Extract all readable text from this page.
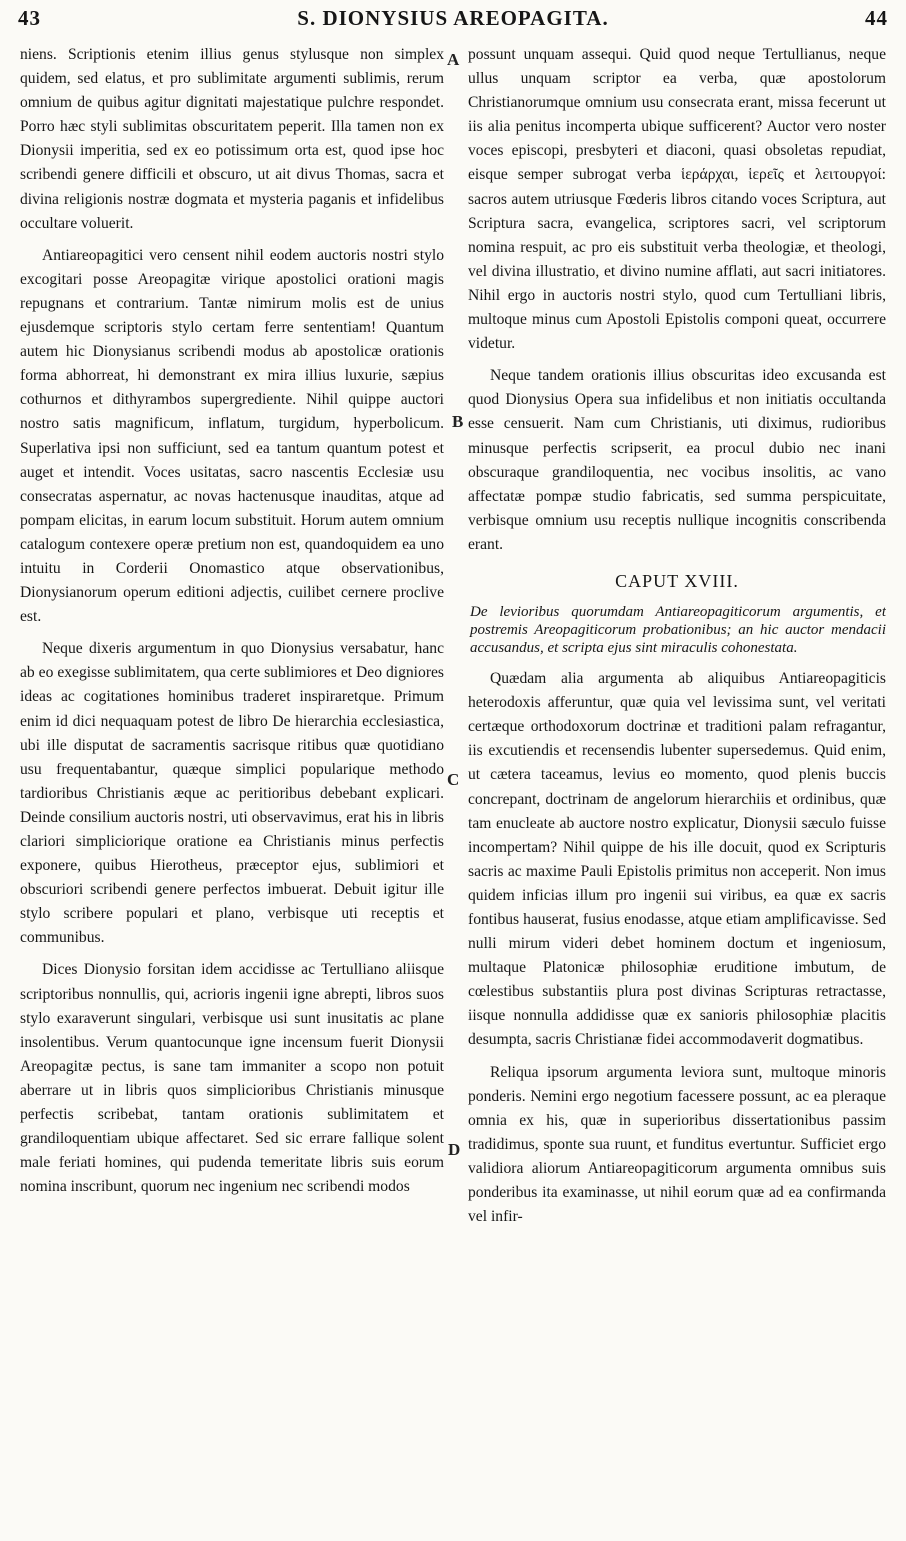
43	S. DIONYSIUS AREOPAGITA.	44
A
B
C
D

niens. Scriptionis etenim illius genus stylusque non simplex quidem, sed elatus, et pro sublimitate argumenti sublimis, rerum omnium de quibus agitur dignitati majestatique pulchre respondet. Porro hæc styli sublimitas obscuritatem peperit. Illa tamen non ex Dionysii imperitia, sed ex eo potissimum orta est, quod ipse hoc scribendi genere difficili et obscuro, ut ait divus Thomas, sacra et divina religionis nostræ dogmata et mysteria paganis et infidelibus occultare voluerit.

Antiareopagitici vero censent nihil eodem auctoris nostri stylo excogitari posse Areopagitæ virique apostolici orationi magis repugnans et contrarium. Tantæ nimirum molis est de unius ejusdemque scriptoris stylo certam ferre sententiam! Quantum autem hic Dionysianus scribendi modus ab apostolicæ orationis forma abhorreat, hi demonstrant ex mira illius luxurie, sæpius cothurnos et dithyrambos supergrediente. Nihil quippe auctori nostro satis magnificum, inflatum, turgidum, hyperbolicum. Superlativa ipsi non sufficiunt, sed ea tantum quantum potest et auget et intendit. Voces usitatas, sacro nascentis Ecclesiæ usu consecratas aspernatur, ac novas hactenusque inauditas, atque ad pompam elicitas, in earum locum substituit. Horum autem omnium catalogum contexere operæ pretium non est, quandoquidem ea uno intuitu in Corderii Onomastico atque observationibus, Dionysianorum operum editioni adjectis, cuilibet cernere proclive est.

Neque dixeris argumentum in quo Dionysius versabatur, hanc ab eo exegisse sublimitatem, qua certe sublimiores et Deo digniores ideas ac cogitationes hominibus traderet inspiraretque. Primum enim id dici nequaquam potest de libro De hierarchia ecclesiastica, ubi ille disputat de sacramentis sacrisque ritibus quæ quotidiano usu frequentabantur, quæque simplici popularique methodo tardioribus Christianis æque ac peritioribus debebant explicari. Deinde consilium auctoris nostri, uti observavimus, erat his in libris clariori simpliciorique oratione ea Christianis minus perfectis exponere, quibus Hierotheus, præceptor ejus, sublimiori et obscuriori scribendi genere perfectos imbuerat. Debuit igitur ille stylo scribere populari et plano, verbisque uti receptis et communibus.

Dices Dionysio forsitan idem accidisse ac Tertulliano aliisque scriptoribus nonnullis, qui, acrioris ingenii igne abrepti, libros suos stylo exaraverunt singulari, verbisque usi sunt inusitatis ac plane insolentibus. Verum quantocunque igne incensum fuerit Dionysii Areopagitæ pectus, is sane tam immaniter a scopo non potuit aberrare ut in libris quos simplicioribus Christianis minusque perfectis scribebat, tantam orationis sublimitatem et grandiloquentiam ubique affectaret. Sed sic errare fallique solent male feriati homines, qui pudenda temeritate libris suis eorum nomina inscribunt, quorum nec ingenium nec scribendi modos

possunt unquam assequi. Quid quod neque Tertullianus, neque ullus unquam scriptor ea verba, quæ apostolorum Christianorumque omnium usu consecrata erant, missa fecerunt ut iis alia penitus incomperta ubique sufficerent? Auctor vero noster voces episcopi, presbyteri et diaconi, quasi obsoletas repudiat, eisque semper subrogat verba ἱεράρχαι, ἱερεῖς et λειτουργοί: sacros autem utriusque Fœderis libros citando voces Scriptura, aut Scriptura sacra, evangelica, scriptores sacri, vel scriptorum nomina respuit, ac pro eis substituit verba theologiæ, et theologi, vel divina illustratio, et divino numine afflati, aut sacri initiatores. Nihil ergo in auctoris nostri stylo, quod cum Tertulliani libris, multoque minus cum Apostoli Epistolis componi queat, occurrere videtur.

Neque tandem orationis illius obscuritas ideo excusanda est quod Dionysius Opera sua infidelibus et non initiatis occultanda esse censuerit. Nam cum Christianis, uti diximus, rudioribus minusque perfectis scripserit, ea procul dubio nec inani obscuraque grandiloquentia, nec vocibus insolitis, ac vano affectatæ pompæ studio fabricatis, sed summa perspicuitate, verbisque omnium usu receptis nullique incognitis conscribenda erant.

CAPUT XVIII.
De levioribus quorumdam Antiareopagiticorum argumentis, et postremis Areopagiticorum probationibus; an hic auctor mendacii accusandus, et scripta ejus sint miraculis cohonestata.

Quædam alia argumenta ab aliquibus Antiareopagiticis heterodoxis afferuntur, quæ quia vel levissima sunt, vel veritati certæque orthodoxorum doctrinæ et traditioni palam refragantur, iis excutiendis et recensendis lubenter supersedemus. Quid enim, ut cætera taceamus, levius eo momento, quod plenis buccis concrepant, doctrinam de angelorum hierarchiis et ordinibus, quæ tam enucleate ab auctore nostro explicatur, Dionysii sæculo fuisse incompertam? Nihil quippe de his ille docuit, quod ex Scripturis sacris ac maxime Pauli Epistolis primitus non acceperit. Non imus quidem inficias illum pro ingenii sui viribus, ea quæ ex sacris fontibus hauserat, fusius enodasse, atque etiam amplificavisse. Sed nulli mirum videri debet hominem doctum et ingeniosum, multaque Platonicæ philosophiæ eruditione imbutum, de cœlestibus substantiis plura post divinas Scripturas retractasse, iisque nonnulla addidisse quæ ex sanioris philosophiæ placitis desumpta, sacris Christianæ fidei accommodaverit dogmatibus.

Reliqua ipsorum argumenta leviora sunt, multoque minoris ponderis. Nemini ergo negotium facessere possunt, ac ea pleraque omnia ex his, quæ in superioribus dissertationibus passim tradidimus, sponte sua ruunt, et funditus evertuntur. Sufficiet ergo validiora aliorum Antiareopagiticorum argumenta omnibus suis ponderibus ita examinasse, ut nihil eorum quæ ad ea confirmanda vel infir-
